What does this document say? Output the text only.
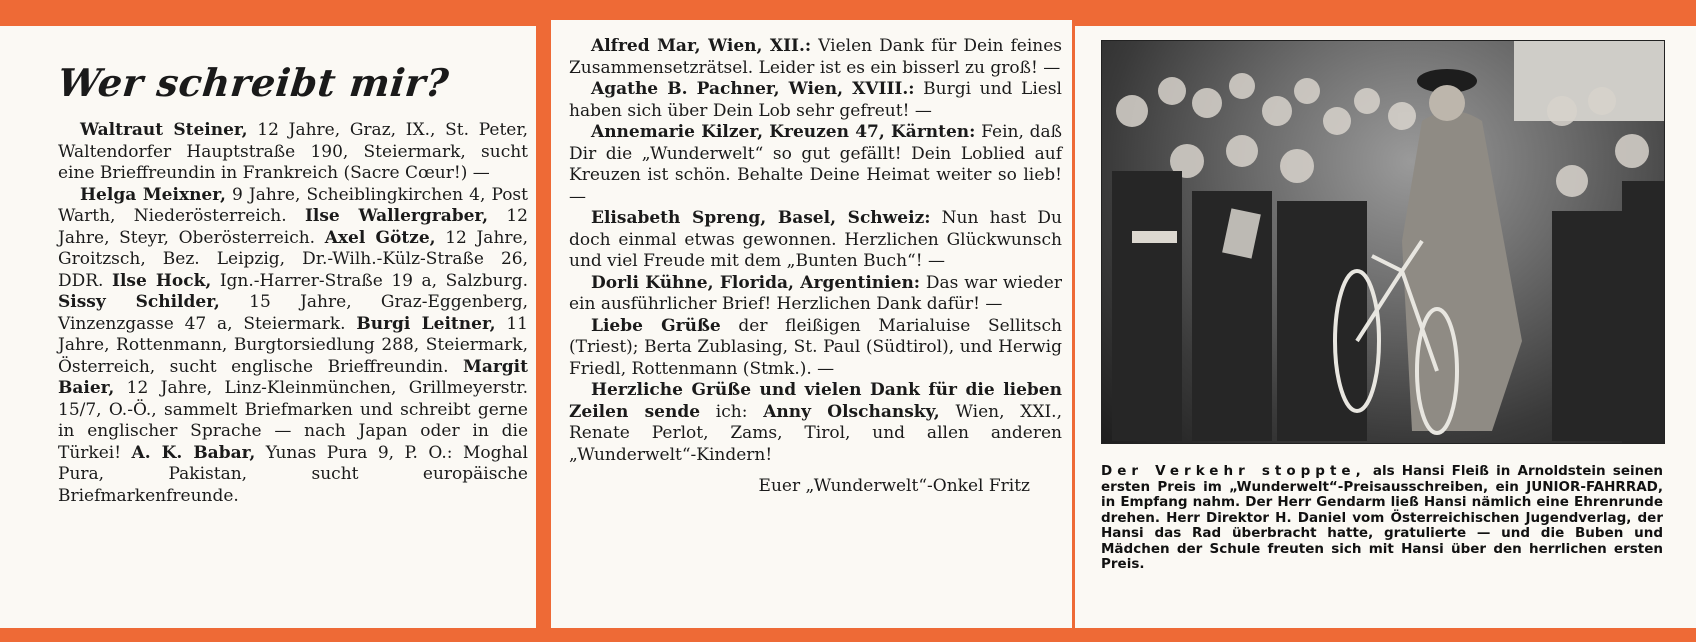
Wer schreibt mir?

Waltraut Steiner, 12 Jahre, Graz, IX., St. Peter, Waltendorfer Hauptstraße 190, Steiermark, sucht eine Brieffreundin in Frankreich (Sacre Cœur!) —

Helga Meixner, 9 Jahre, Scheiblingkirchen 4, Post Warth, Niederösterreich. Ilse Wallergraber, 12 Jahre, Steyr, Oberösterreich. Axel Götze, 12 Jahre, Groitzsch, Bez. Leipzig, Dr.-Wilh.-Külz-Straße 26, DDR. Ilse Hock, Ign.-Harrer-Straße 19 a, Salzburg. Sissy Schilder, 15 Jahre, Graz-Eggenberg, Vinzenzgasse 47 a, Steiermark. Burgi Leitner, 11 Jahre, Rottenmann, Burgtorsiedlung 288, Steiermark, Österreich, sucht englische Brieffreundin. Margit Baier, 12 Jahre, Linz-Kleinmünchen, Grillmeyerstr. 15/7, O.-Ö., sammelt Briefmarken und schreibt gerne in englischer Sprache — nach Japan oder in die Türkei! A. K. Babar, Yunas Pura 9, P. O.: Moghal Pura, Pakistan, sucht europäische Briefmarkenfreunde.

Alfred Mar, Wien, XII.: Vielen Dank für Dein feines Zusammensetzrätsel. Leider ist es ein bisserl zu groß! —

Agathe B. Pachner, Wien, XVIII.: Burgi und Liesl haben sich über Dein Lob sehr gefreut! —

Annemarie Kilzer, Kreuzen 47, Kärnten: Fein, daß Dir die „Wunderwelt“ so gut gefällt! Dein Loblied auf Kreuzen ist schön. Behalte Deine Heimat weiter so lieb! —

Elisabeth Spreng, Basel, Schweiz: Nun hast Du doch einmal etwas gewonnen. Herzlichen Glückwunsch und viel Freude mit dem „Bunten Buch“! —

Dorli Kühne, Florida, Argentinien: Das war wieder ein ausführlicher Brief! Herzlichen Dank dafür! —

Liebe Grüße der fleißigen Marialuise Sellitsch (Triest); Berta Zublasing, St. Paul (Südtirol), und Herwig Friedl, Rottenmann (Stmk.). —

Herzliche Grüße und vielen Dank für die lieben Zeilen sende ich: Anny Olschansky, Wien, XXI., Renate Perlot, Zams, Tirol, und allen anderen „Wunderwelt“-Kindern!

Euer „Wunderwelt“-Onkel Fritz
Der Verkehr stoppte, als Hansi Fleiß in Arnoldstein seinen ersten Preis im „Wunderwelt“-Preisausschreiben, ein JUNIOR-FAHRRAD, in Empfang nahm. Der Herr Gendarm ließ Hansi nämlich eine Ehrenrunde drehen. Herr Direktor H. Daniel vom Österreichischen Jugendverlag, der Hansi das Rad überbracht hatte, gratulierte — und die Buben und Mädchen der Schule freuten sich mit Hansi über den herrlichen ersten Preis.
